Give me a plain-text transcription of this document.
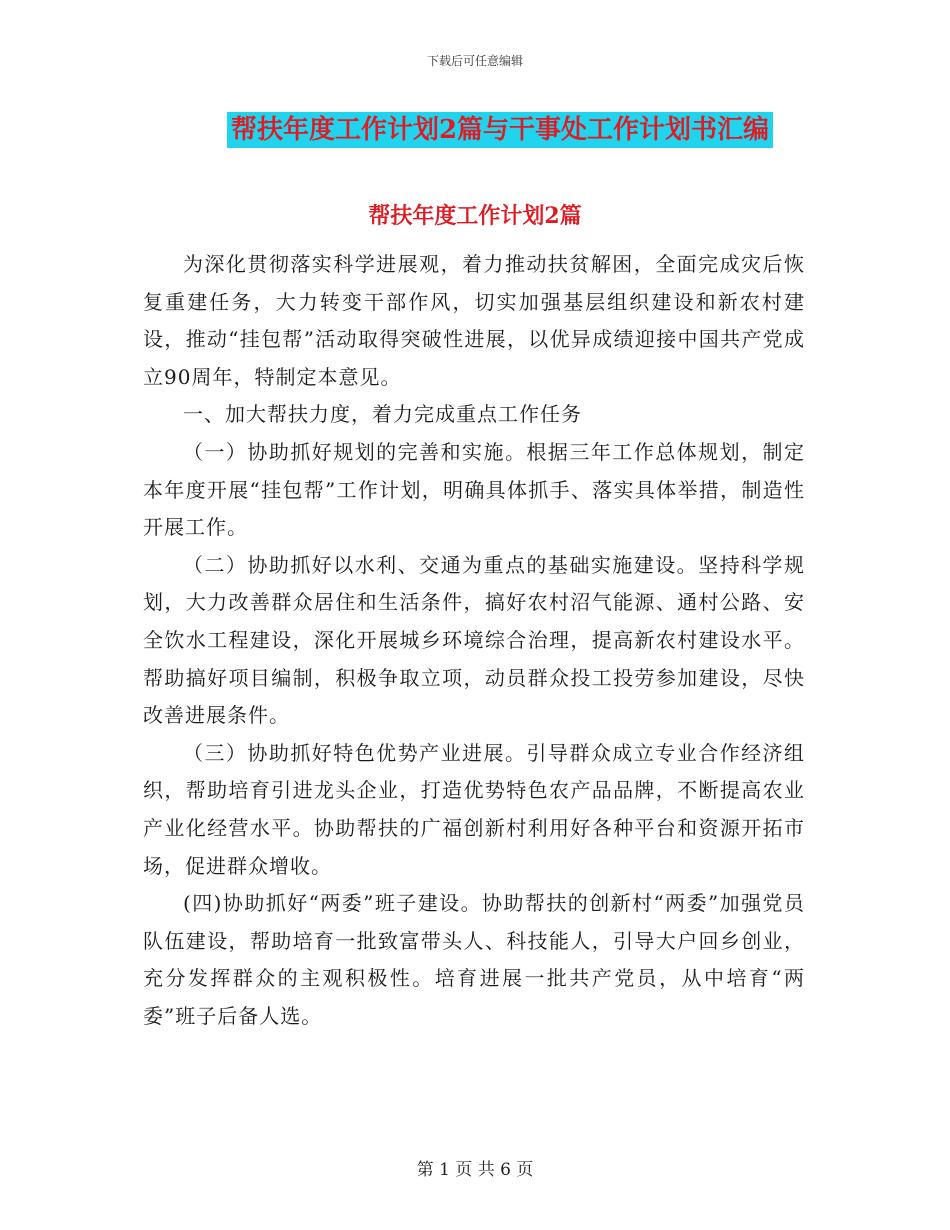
下载后可任意编辑
帮扶年度工作计划2篇与干事处工作计划书汇编
帮扶年度工作计划2篇

为深化贯彻落实科学进展观，着力推动扶贫解困，全面完成灾后恢复重建任务，大力转变干部作风，切实加强基层组织建设和新农村建设，推动“挂包帮”活动取得突破性进展，以优异成绩迎接中国共产党成立90周年，特制定本意见。

一、加大帮扶力度，着力完成重点工作任务

（一）协助抓好规划的完善和实施。根据三年工作总体规划，制定本年度开展“挂包帮”工作计划，明确具体抓手、落实具体举措，制造性开展工作。

（二）协助抓好以水利、交通为重点的基础实施建设。坚持科学规划，大力改善群众居住和生活条件，搞好农村沼气能源、通村公路、安全饮水工程建设，深化开展城乡环境综合治理，提高新农村建设水平。帮助搞好项目编制，积极争取立项，动员群众投工投劳参加建设，尽快改善进展条件。

（三）协助抓好特色优势产业进展。引导群众成立专业合作经济组织，帮助培育引进龙头企业，打造优势特色农产品品牌，不断提高农业产业化经营水平。协助帮扶的广福创新村利用好各种平台和资源开拓市场，促进群众增收。

(四)协助抓好“两委”班子建设。协助帮扶的创新村“两委”加强党员队伍建设，帮助培育一批致富带头人、科技能人，引导大户回乡创业，充分发挥群众的主观积极性。培育进展一批共产党员，从中培育“两委”班子后备人选。

第 1 页 共 6 页
